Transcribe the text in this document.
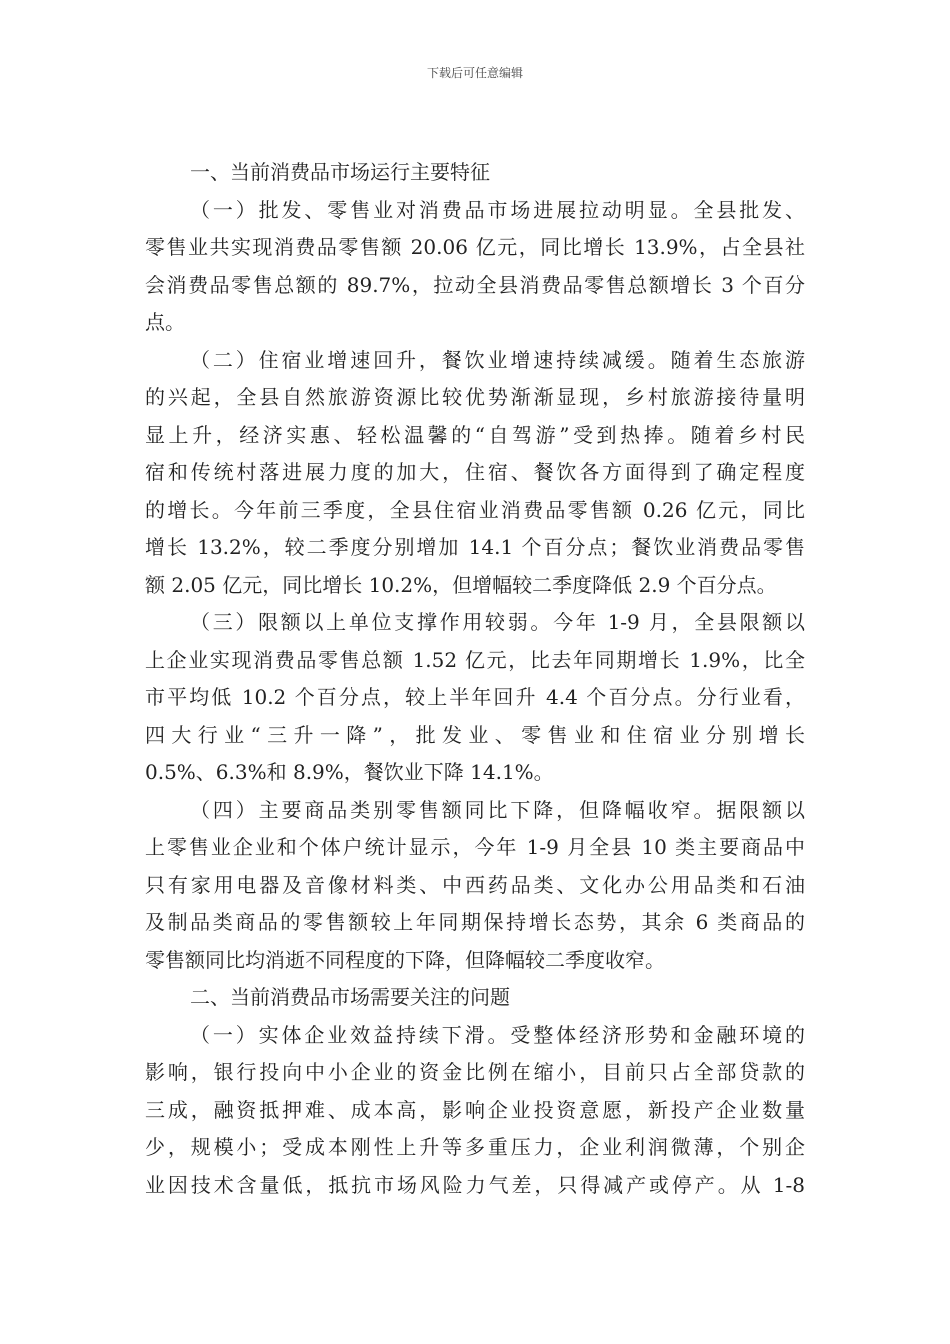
下载后可任意编辑
一、当前消费品市场运行主要特征
（一）批发、零售业对消费品市场进展拉动明显。全县批发、
零售业共实现消费品零售额 20.06 亿元，同比增长 13.9%，占全县社
会消费品零售总额的 89.7%，拉动全县消费品零售总额增长 3 个百分
点。
（二）住宿业增速回升，餐饮业增速持续减缓。随着生态旅游
的兴起，全县自然旅游资源比较优势渐渐显现，乡村旅游接待量明
显上升，经济实惠、轻松温馨的“自驾游”受到热捧。随着乡村民
宿和传统村落进展力度的加大，住宿、餐饮各方面得到了确定程度
的增长。今年前三季度，全县住宿业消费品零售额 0.26 亿元，同比
增长 13.2%，较二季度分别增加 14.1 个百分点；餐饮业消费品零售
额 2.05 亿元，同比增长 10.2%，但增幅较二季度降低 2.9 个百分点。
（三）限额以上单位支撑作用较弱。今年 1-9 月，全县限额以
上企业实现消费品零售总额 1.52 亿元，比去年同期增长 1.9%，比全
市平均低 10.2 个百分点，较上半年回升 4.4 个百分点。分行业看，
四大行业“三升一降”，批发业、零售业和住宿业分别增长
0.5%、6.3%和 8.9%，餐饮业下降 14.1%。
（四）主要商品类别零售额同比下降，但降幅收窄。据限额以
上零售业企业和个体户统计显示，今年 1-9 月全县 10 类主要商品中
只有家用电器及音像材料类、中西药品类、文化办公用品类和石油
及制品类商品的零售额较上年同期保持增长态势，其余 6 类商品的
零售额同比均消逝不同程度的下降，但降幅较二季度收窄。
二、当前消费品市场需要关注的问题
（一）实体企业效益持续下滑。受整体经济形势和金融环境的
影响，银行投向中小企业的资金比例在缩小，目前只占全部贷款的
三成，融资抵押难、成本高，影响企业投资意愿，新投产企业数量
少，规模小；受成本刚性上升等多重压力，企业利润微薄，个别企
业因技术含量低，抵抗市场风险力气差，只得减产或停产。从 1-8
